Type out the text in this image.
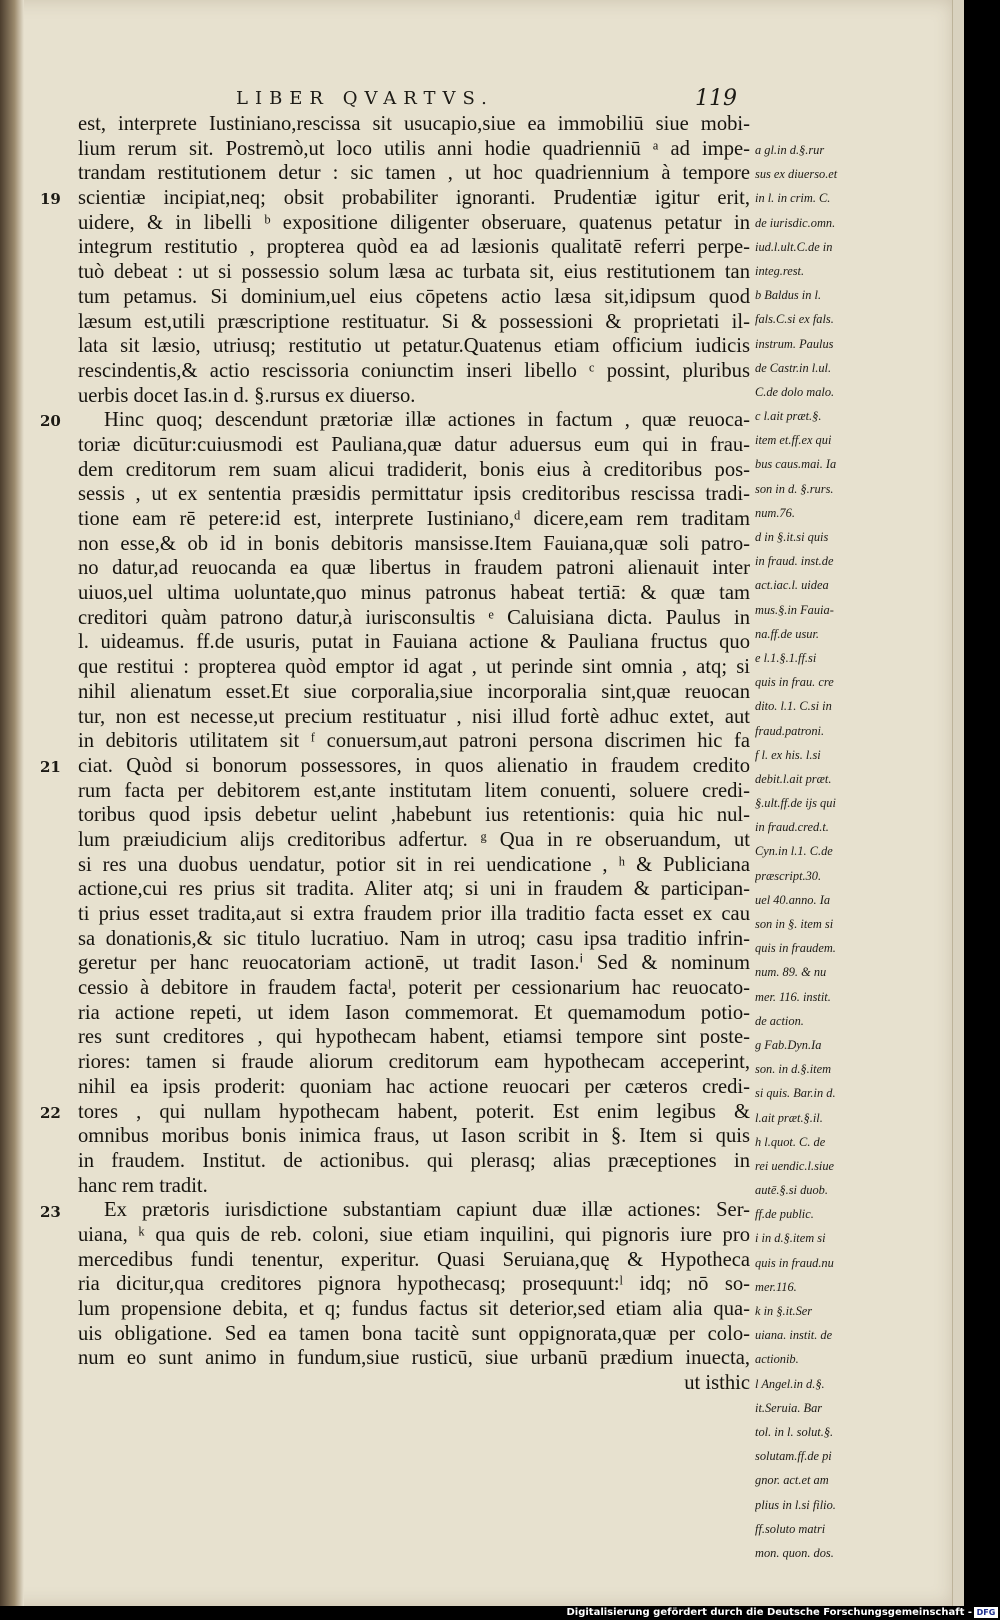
LIBER QVARTVS.	119
est, interprete Iustiniano,rescissa sit usucapio,siue ea immobiliū siue mobi-
lium rerum sit. Postremò,ut loco utilis anni hodie quadrienniū ᵃ ad impe-
trandam restitutionem detur : sic tamen , ut hoc quadriennium à tempore
scientiæ incipiat,neq; obsit probabiliter ignoranti. Prudentiæ igitur erit,
uidere, & in libelli ᵇ expositione diligenter obseruare, quatenus petatur in
integrum restitutio , propterea quòd ea ad læsionis qualitatē referri perpe-
tuò debeat : ut si possessio solum læsa ac turbata sit, eius restitutionem tan
tum petamus. Si dominium,uel eius cōpetens actio læsa sit,idipsum quod
læsum est,utili præscriptione restituatur. Si & possessioni & proprietati il-
lata sit læsio, utriusq; restitutio ut petatur.Quatenus etiam officium iudicis
rescindentis,& actio rescissoria coniunctim inseri libello ᶜ possint, pluribus
uerbis docet Ias.in d. §.rursus ex diuerso.
Hinc quoq; descendunt prætoriæ illæ actiones in factum , quæ reuoca-
toriæ dicūtur:cuiusmodi est Pauliana,quæ datur aduersus eum qui in frau-
dem creditorum rem suam alicui tradiderit, bonis eius à creditoribus pos-
sessis , ut ex sententia præsidis permittatur ipsis creditoribus rescissa tradi-
tione eam rē petere:id est, interprete Iustiniano,ᵈ dicere,eam rem traditam
non esse,& ob id in bonis debitoris mansisse.Item Fauiana,quæ soli patro-
no datur,ad reuocanda ea quæ libertus in fraudem patroni alienauit inter
uiuos,uel ultima uoluntate,quo minus patronus habeat tertiā: & quæ tam
creditori quàm patrono datur,à iurisconsultis ᵉ Caluisiana dicta. Paulus in
l. uideamus. ff.de usuris, putat in Fauiana actione & Pauliana fructus quo
que restitui : propterea quòd emptor id agat , ut perinde sint omnia , atq; si
nihil alienatum esset.Et siue corporalia,siue incorporalia sint,quæ reuocan
tur, non est necesse,ut precium restituatur , nisi illud fortè adhuc extet, aut
in debitoris utilitatem sit ᶠ conuersum,aut patroni persona discrimen hic fa
ciat. Quòd si bonorum possessores, in quos alienatio in fraudem credito
rum facta per debitorem est,ante institutam litem conuenti, soluere credi-
toribus quod ipsis debetur uelint ,habebunt ius retentionis: quia hic nul-
lum præiudicium alijs creditoribus adfertur. ᵍ Qua in re obseruandum, ut
si res una duobus uendatur, potior sit in rei uendicatione , ʰ & Publiciana
actione,cui res prius sit tradita. Aliter atq; si uni in fraudem & participan-
ti prius esset tradita,aut si extra fraudem prior illa traditio facta esset ex cau
sa donationis,& sic titulo lucratiuo. Nam in utroq; casu ipsa traditio infrin-
geretur per hanc reuocatoriam actionē, ut tradit Iason.ⁱ Sed & nominum
cessio à debitore in fraudem factaˡ, poterit per cessionarium hac reuocato-
ria actione repeti, ut idem Iason commemorat. Et quemamodum potio-
res sunt creditores , qui hypothecam habent, etiamsi tempore sint poste-
riores: tamen si fraude aliorum creditorum eam hypothecam acceperint,
nihil ea ipsis proderit: quoniam hac actione reuocari per cæteros credi-
tores , qui nullam hypothecam habent, poterit. Est enim legibus &
omnibus moribus bonis inimica fraus, ut Iason scribit in §. Item si quis
in fraudem. Institut. de actionibus. qui plerasq; alias præceptiones in
hanc rem tradit.
Ex prætoris iurisdictione substantiam capiunt duæ illæ actiones: Ser-
uiana, ᵏ qua quis de reb. coloni, siue etiam inquilini, qui pignoris iure pro
mercedibus fundi tenentur, experitur. Quasi Seruiana,quę & Hypotheca
ria dicitur,qua creditores pignora hypothecasq; prosequunt:ˡ idq; nō so-
lum propensione debita, et q; fundus factus sit deterior,sed etiam alia qua-
uis obligatione. Sed ea tamen bona tacitè sunt oppignorata,quæ per colo-
num eo sunt animo in fundum,siue rusticū, siue urbanū prædium inuecta,
ut isthic
19
20
21
22
23
a gl.in d.§.rur
sus ex diuerso.et
in l. in crim. C.
de iurisdic.omn.
iud.l.ult.C.de in
integ.rest.
b Baldus in l.
fals.C.si ex fals.
instrum. Paulus
de Castr.in l.ul.
C.de dolo malo.
c l.ait præt.§.
item et.ff.ex qui
bus caus.mai. Ia
son in d. §.rurs.
num.76.
d in §.it.si quis
in fraud. inst.de
act.iac.l. uidea
mus.§.in Fauia-
na.ff.de usur.
e l.1.§.1.ff.si
quis in frau. cre
dito. l.1. C.si in
fraud.patroni.
f l. ex his. l.si
debit.l.ait præt.
§.ult.ff.de ijs qui
in fraud.cred.t.
Cyn.in l.1. C.de
præscript.30.
uel 40.anno. Ia
son in §. item si
quis in fraudem.
num. 89. & nu
mer. 116. instit.
de action.
g Fab.Dyn.Ia
son. in d.§.item
si quis. Bar.in d.
l.ait præt.§.il.
h l.quot. C. de
rei uendic.l.siue
autē.§.si duob.
ff.de public.
i in d.§.item si
quis in fraud.nu
mer.116.
k in §.it.Ser
uiana. instit. de
actionib.
l Angel.in d.§.
it.Seruia. Bar
tol. in l. solut.§.
solutam.ff.de pi
gnor. act.et am
plius in l.si filio.
ff.soluto matri
mon. quon. dos.
Digitalisierung gefördert durch die Deutsche Forschungsgemeinschaft - DFG
